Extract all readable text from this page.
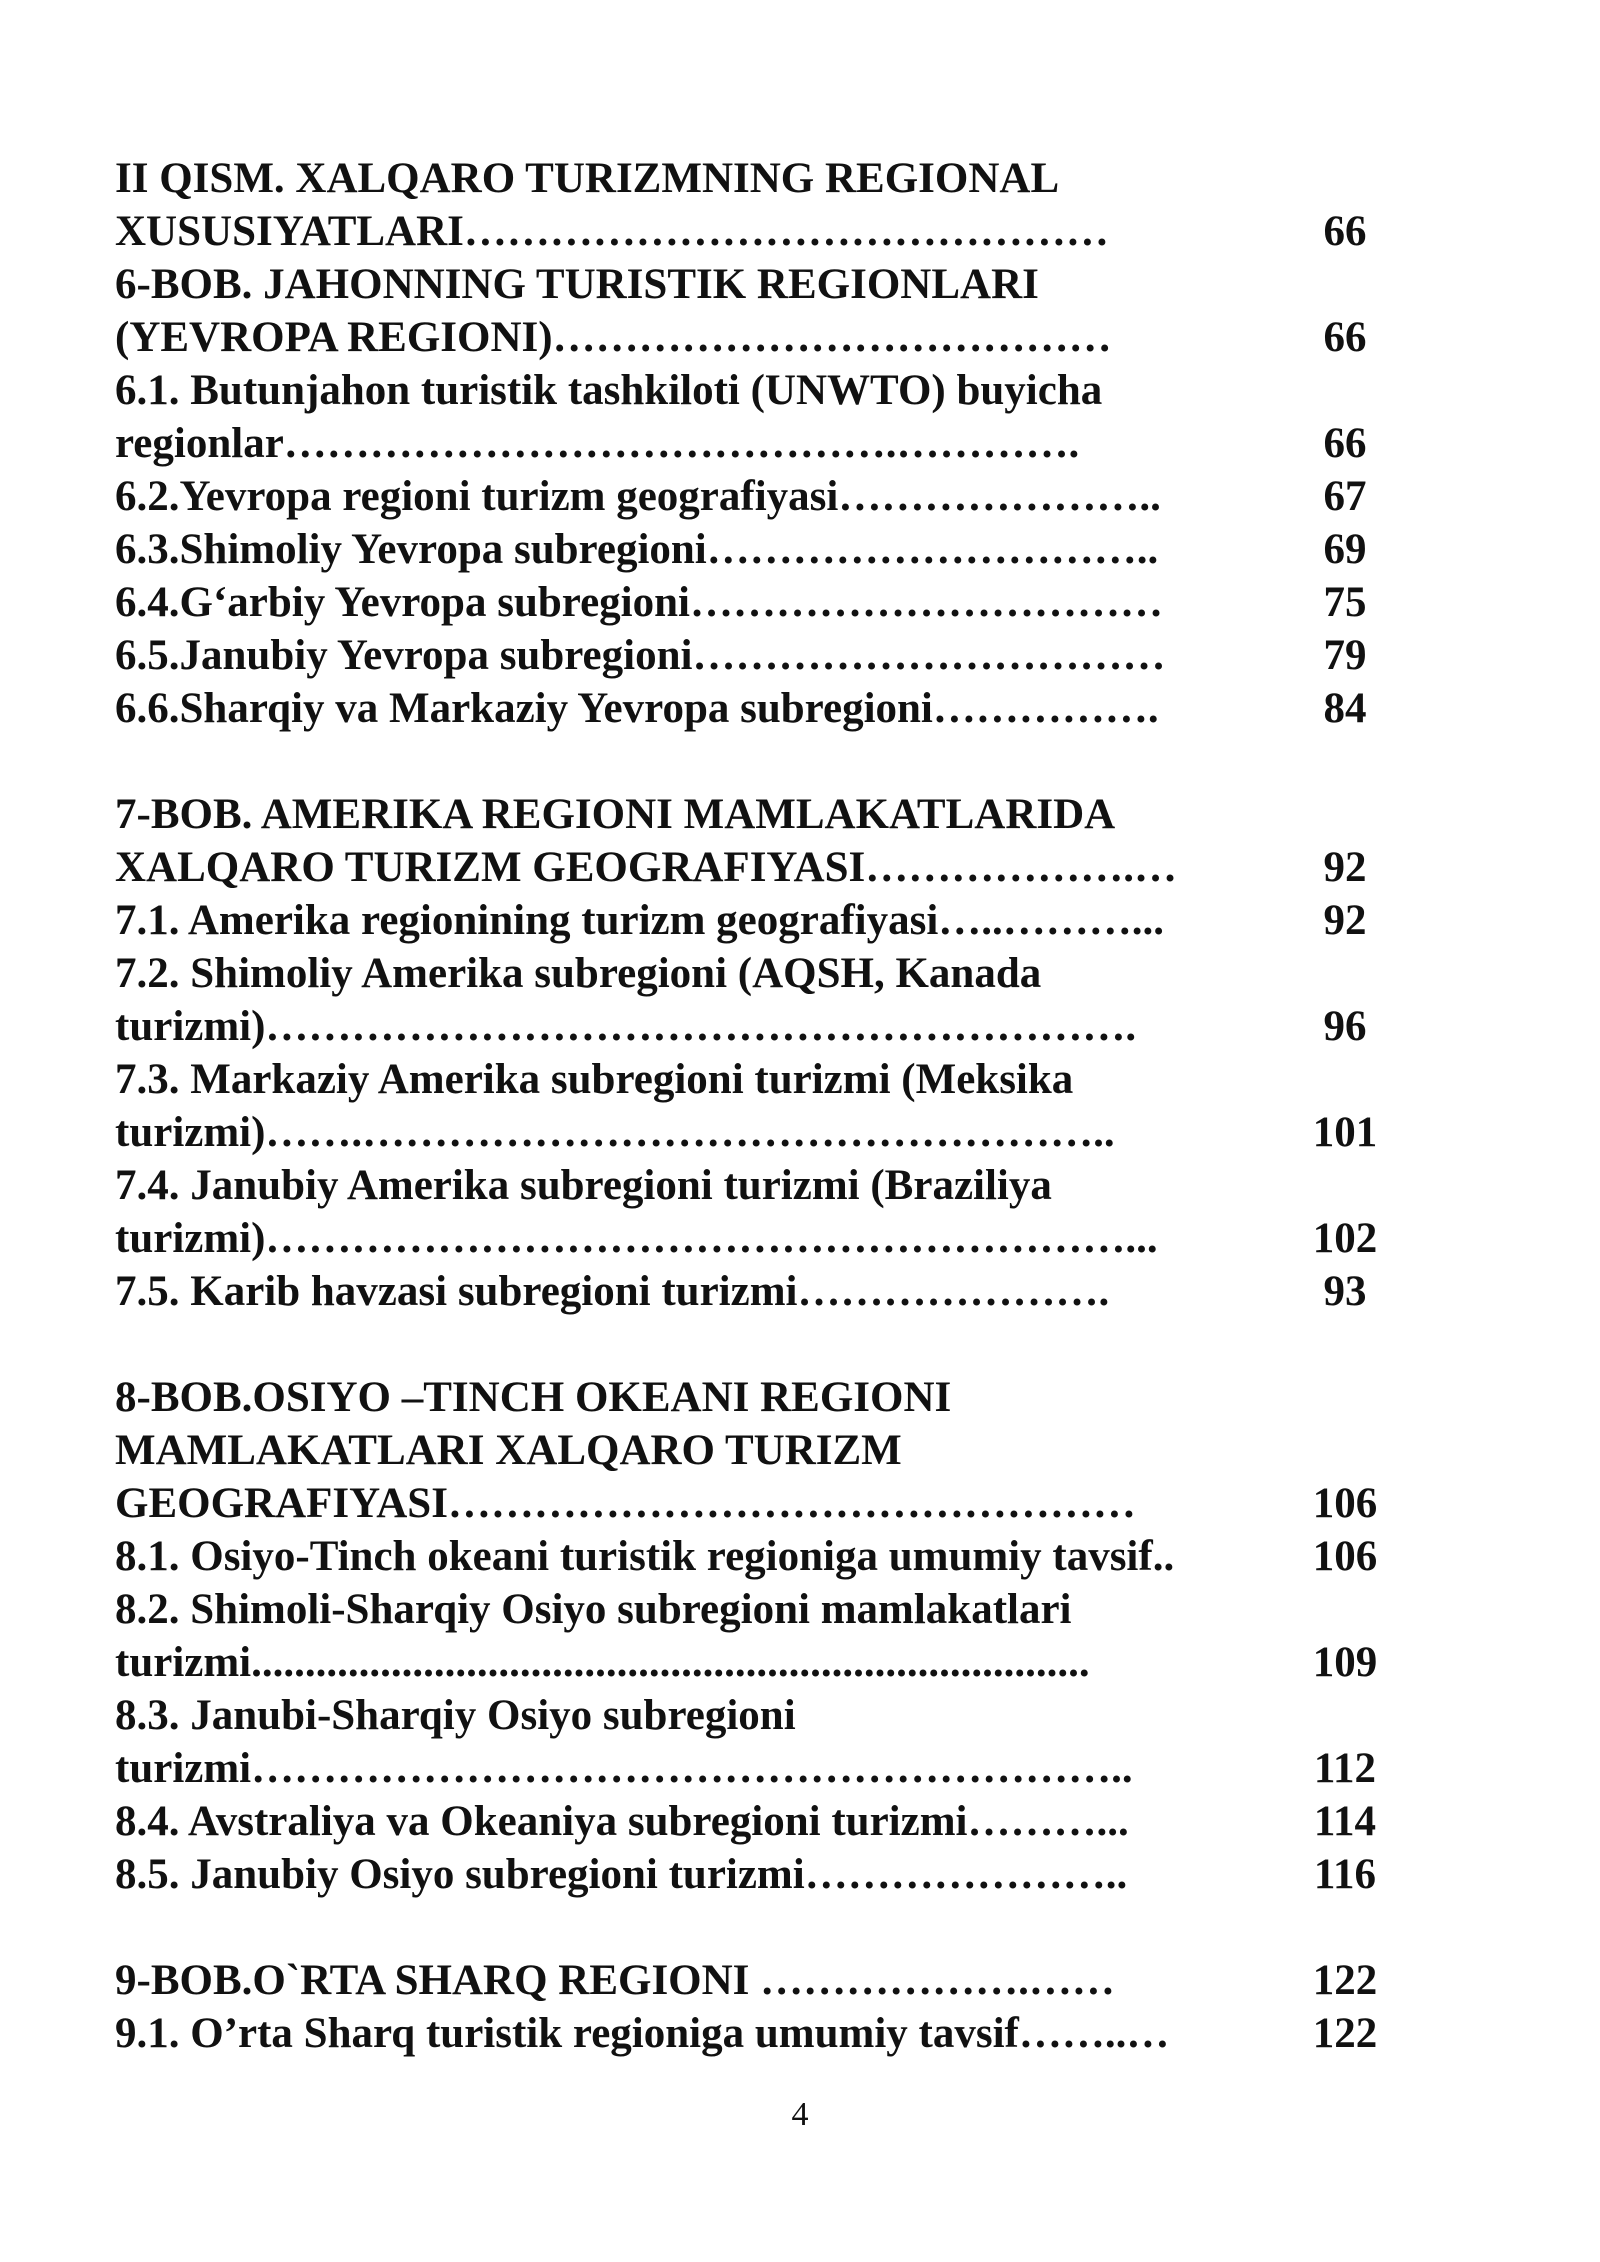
II QISM. XALQARO TURIZMNING REGIONAL
XUSUSIYATLARI………………………………………	66
6-BOB. JAHONNING TURISTIK REGIONLARI
(YEVROPA REGIONI)…………………………………	66
6.1. Butunjahon turistik tashkiloti (UNWTO) buyicha
regionlar…………………………………….………….	66
6.2.Yevropa regioni turizm geografiyasi…………………..	67
6.3.Shimoliy Yevropa subregioni…………………………..	69
6.4.G‘arbiy Yevropa subregioni……………………………	75
6.5.Janubiy Yevropa subregioni……………………………	79
6.6.Sharqiy va Markaziy Yevropa subregioni…………….	84
7-BOB. AMERIKA REGIONI MAMLAKATLARIDA
XALQARO TURIZM GEOGRAFIYASI……………….…	92
7.1. Amerika regionining turizm geografiyasi…..………...	92
7.2. Shimoliy Amerika subregioni (AQSH, Kanada
turizmi)…………………………………………………….	96
7.3. Markaziy Amerika subregioni turizmi (Meksika
turizmi)…….……………………………………………..	101
7.4. Janubiy Amerika subregioni turizmi (Braziliya
turizmi)……………………………………………………...	102
7.5. Karib havzasi subregioni turizmi………………….	93
8-BOB.OSIYO –TINCH OKEANI REGIONI
MAMLAKATLARI XALQARO TURIZM
GEOGRAFIYASI…………………………………………	106
8.1. Osiyo-Tinch okeani turistik regioniga umumiy tavsif..	106
8.2. Shimoli-Sharqiy Osiyo subregioni mamlakatlari
turizmi..............................................................................	109
8.3. Janubi-Sharqiy Osiyo subregioni
turizmi……………………………………………………..	112
8.4. Avstraliya va Okeaniya subregioni turizmi………...	114
8.5. Janubiy Osiyo subregioni turizmi…………………..	116
9-BOB.O`RTA SHARQ REGIONI ……………….……	122
9.1. O’rta Sharq turistik regioniga umumiy tavsif……..…	122
4
